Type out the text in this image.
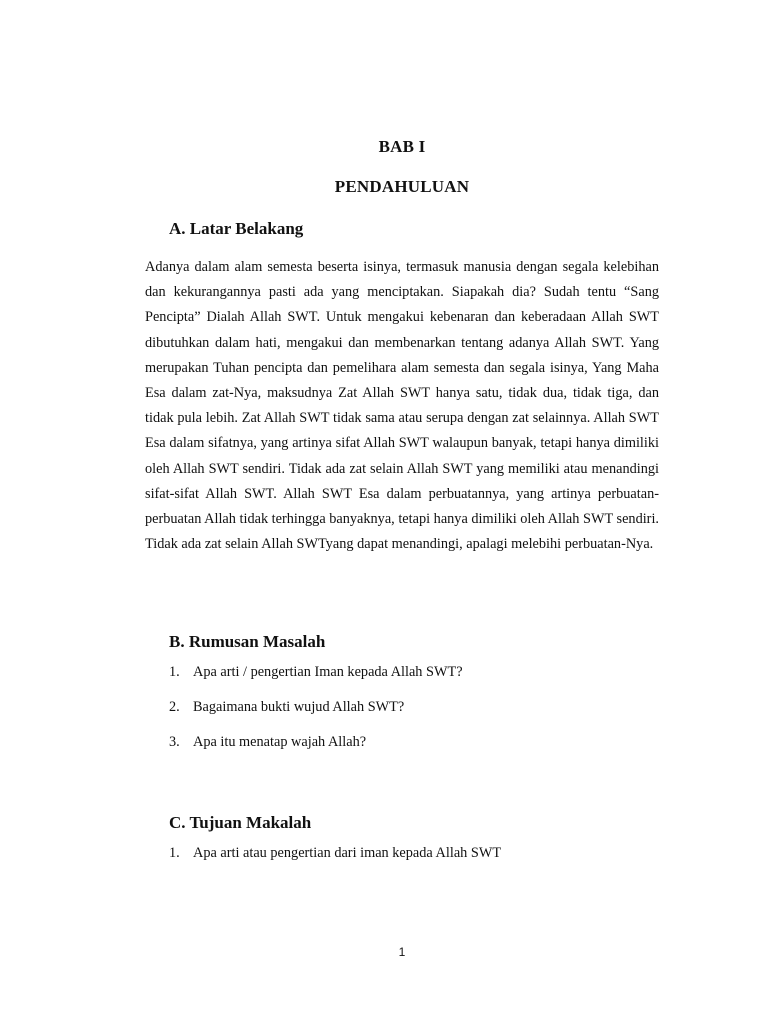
BAB I
PENDAHULUAN
A. Latar Belakang
Adanya dalam alam semesta beserta isinya, termasuk manusia dengan segala kelebihan dan kekurangannya pasti ada yang menciptakan. Siapakah dia? Sudah tentu “Sang Pencipta” Dialah Allah SWT. Untuk mengakui kebenaran dan keberadaan Allah SWT dibutuhkan dalam hati, mengakui dan membenarkan tentang adanya Allah SWT. Yang merupakan Tuhan pencipta dan pemelihara alam semesta dan segala isinya, Yang Maha Esa dalam zat-Nya, maksudnya Zat Allah SWT hanya satu, tidak dua, tidak tiga, dan tidak pula lebih. Zat Allah SWT tidak sama atau serupa dengan zat selainnya. Allah SWT Esa dalam sifatnya, yang artinya sifat Allah SWT walaupun banyak, tetapi hanya dimiliki oleh Allah SWT sendiri. Tidak ada zat selain Allah SWT yang memiliki atau menandingi sifat-sifat Allah SWT. Allah SWT Esa dalam perbuatannya, yang artinya perbuatan-perbuatan Allah tidak terhingga banyaknya, tetapi hanya dimiliki oleh Allah SWT sendiri. Tidak ada zat selain Allah SWTyang dapat menandingi, apalagi melebihi perbuatan-Nya.
B. Rumusan Masalah
1. Apa arti / pengertian Iman kepada Allah SWT?
2. Bagaimana bukti wujud Allah SWT?
3. Apa itu menatap wajah Allah?
C. Tujuan Makalah
1. Apa arti atau pengertian dari iman kepada Allah SWT
1
